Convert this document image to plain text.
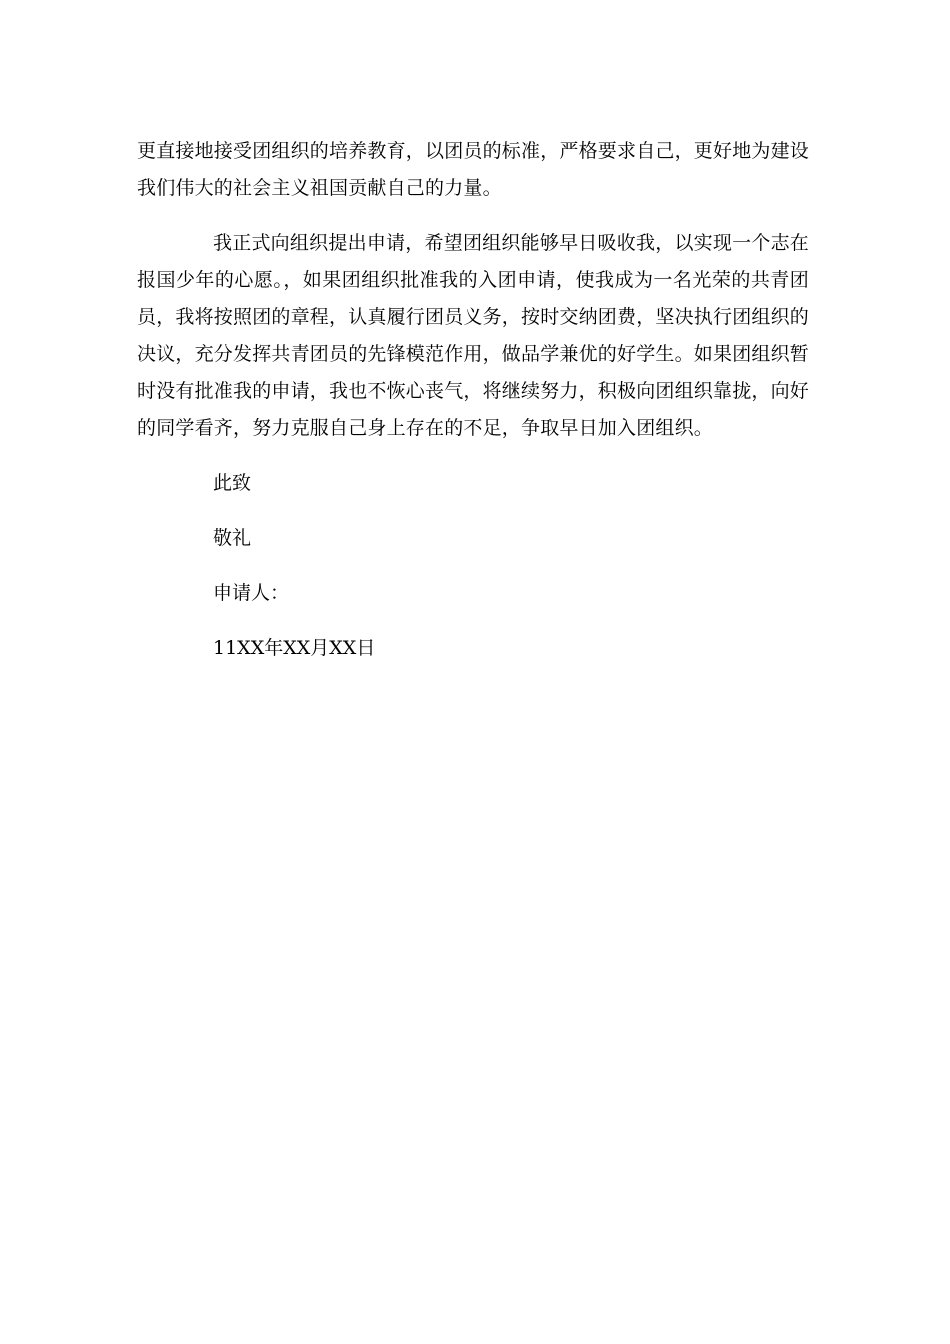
更直接地接受团组织的培养教育，以团员的标准，严格要求自己，更好地为建设我们伟大的社会主义祖国贡献自己的力量。

我正式向组织提出申请，希望团组织能够早日吸收我，以实现一个志在报国少年的心愿。，如果团组织批准我的入团申请，使我成为一名光荣的共青团员，我将按照团的章程，认真履行团员义务，按时交纳团费，坚决执行团组织的决议，充分发挥共青团员的先锋模范作用，做品学兼优的好学生。如果团组织暂时没有批准我的申请，我也不恢心丧气，将继续努力，积极向团组织靠拢，向好的同学看齐，努力克服自己身上存在的不足，争取早日加入团组织。

此致

敬礼

申请人：

11XX年XX月XX日
